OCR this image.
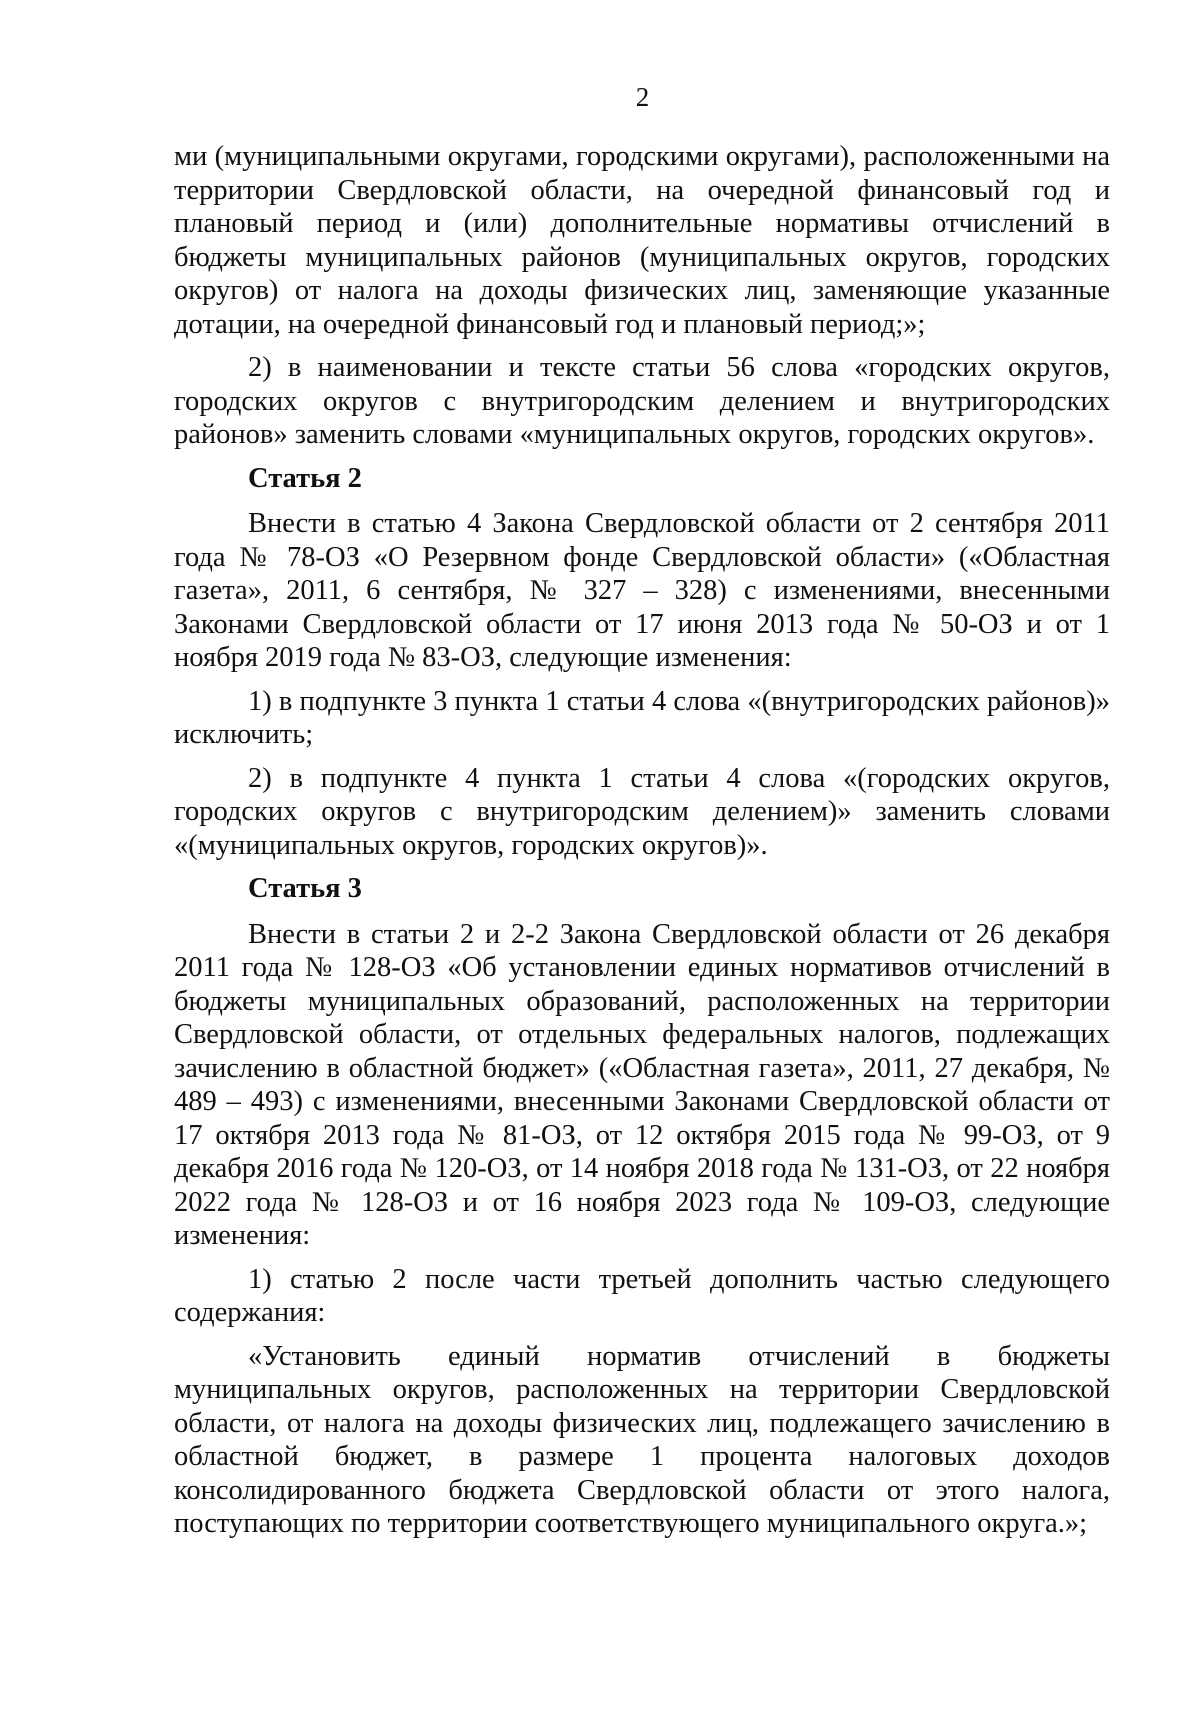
2

ми (муниципальными округами, городскими округами), расположенными на территории Свердловской области, на очередной финансовый год и плановый период и (или) дополнительные нормативы отчислений в бюджеты муниципальных районов (муниципальных округов, городских округов) от налога на доходы физических лиц, заменяющие указанные дотации, на очередной финансовый год и плановый период;»;

2) в наименовании и тексте статьи 56 слова «городских округов, городских округов с внутригородским делением и внутригородских районов» заменить словами «муниципальных округов, городских округов».

Статья 2

Внести в статью 4 Закона Свердловской области от 2 сентября 2011 года № 78-ОЗ «О Резервном фонде Свердловской области» («Областная газета», 2011, 6 сентября, № 327 – 328) с изменениями, внесенными Законами Свердловской области от 17 июня 2013 года № 50-ОЗ и от 1 ноября 2019 года № 83-ОЗ, следующие изменения:

1) в подпункте 3 пункта 1 статьи 4 слова «(внутригородских районов)» исключить;

2) в подпункте 4 пункта 1 статьи 4 слова «(городских округов, городских округов с внутригородским делением)» заменить словами «(муниципальных округов, городских округов)».

Статья 3

Внести в статьи 2 и 2-2 Закона Свердловской области от 26 декабря 2011 года № 128-ОЗ «Об установлении единых нормативов отчислений в бюджеты муниципальных образований, расположенных на территории Свердловской области, от отдельных федеральных налогов, подлежащих зачислению в областной бюджет» («Областная газета», 2011, 27 декабря, № 489 – 493) с изменениями, внесенными Законами Свердловской области от 17 октября 2013 года № 81-ОЗ, от 12 октября 2015 года № 99-ОЗ, от 9 декабря 2016 года № 120-ОЗ, от 14 ноября 2018 года № 131-ОЗ, от 22 ноября 2022 года № 128-ОЗ и от 16 ноября 2023 года № 109-ОЗ, следующие изменения:

1) статью 2 после части третьей дополнить частью следующего содержания:

«Установить единый норматив отчислений в бюджеты муниципальных округов, расположенных на территории Свердловской области, от налога на доходы физических лиц, подлежащего зачислению в областной бюджет, в размере 1 процента налоговых доходов консолидированного бюджета Свердловской области от этого налога, поступающих по территории соответствующего муниципального округа.»;
